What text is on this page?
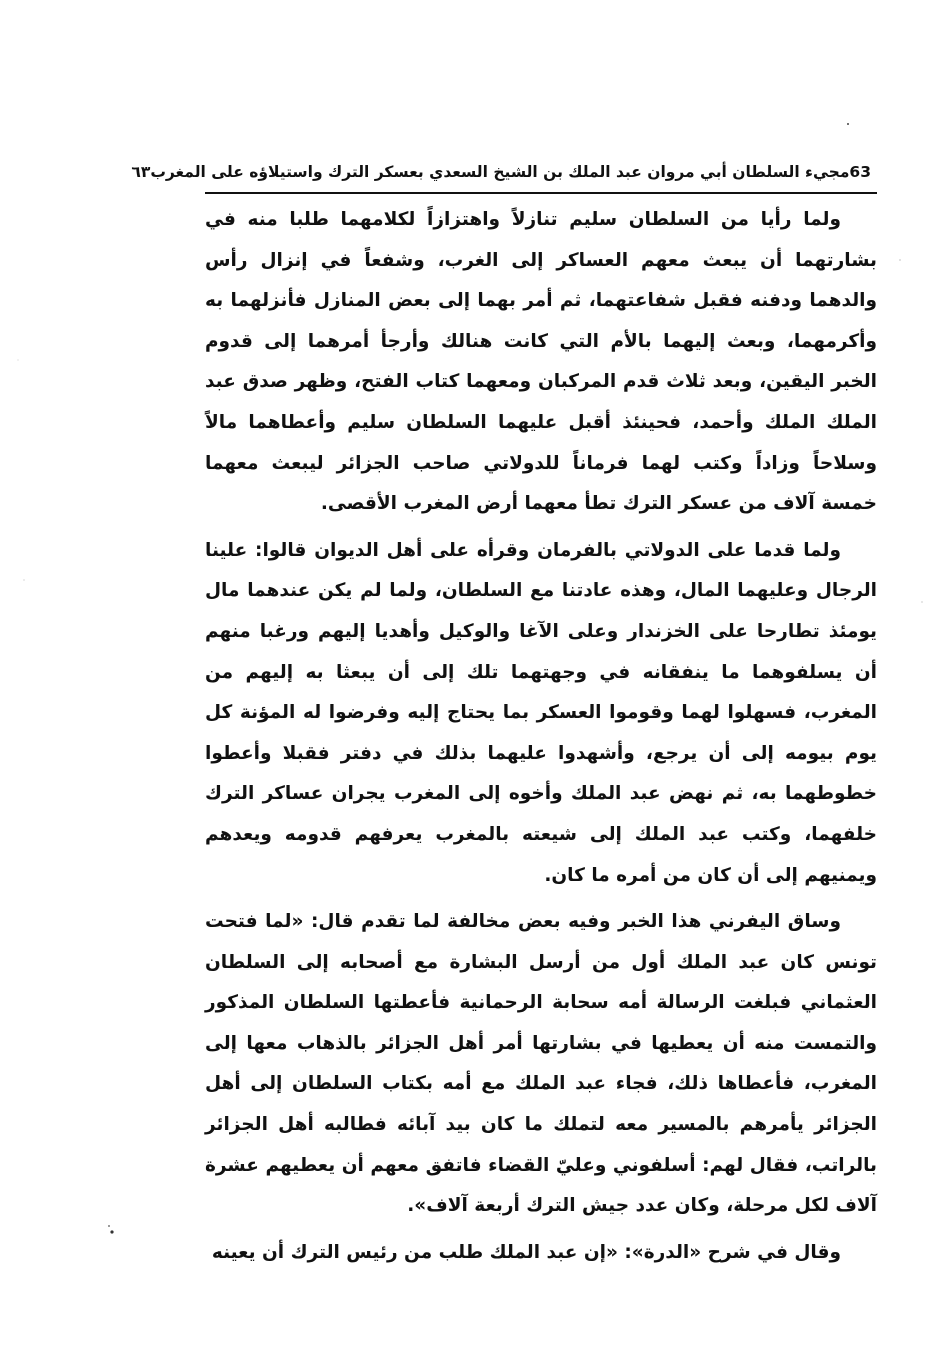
63
مجيء السلطان أبي مروان عبد الملك بن الشيخ السعدي بعسكر الترك واستيلاؤه على المغرب
٦٣

ولما رأيا من السلطان سليم تنازلاً واهتزازاً لكلامهما طلبا منه في بشارتهما أن يبعث معهم العساكر إلى الغرب، وشفعاً في إنزال رأس والدهما ودفنه فقبل شفاعتهما، ثم أمر بهما إلى بعض المنازل فأنزلهما به وأكرمهما، وبعث إليهما بالأم التي كانت هنالك وأرجأ أمرهما إلى قدوم الخبر اليقين، وبعد ثلاث قدم المركبان ومعهما كتاب الفتح، وظهر صدق عبد الملك الملك وأحمد، فحينئذ أقبل عليهما السلطان سليم وأعطاهما مالاً وسلاحاً وزاداً وكتب لهما فرماناً للدولاتي صاحب الجزائر ليبعث معهما خمسة آلاف من عسكر الترك تطأ معهما أرض المغرب الأقصى.

ولما قدما على الدولاتي بالفرمان وقرأه على أهل الديوان قالوا: علينا الرجال وعليهما المال، وهذه عادتنا مع السلطان، ولما لم يكن عندهما مال يومئذ تطارحا على الخزندار وعلى الآغا والوكيل وأهديا إليهم ورغبا منهم أن يسلفوهما ما ينفقانه في وجهتهما تلك إلى أن يبعثا به إليهم من المغرب، فسهلوا لهما وقوموا العسكر بما يحتاج إليه وفرضوا له المؤنة كل يوم بيومه إلى أن يرجع، وأشهدوا عليهما بذلك في دفتر فقبلا وأعطوا خطوطهما به، ثم نهض عبد الملك وأخوه إلى المغرب يجران عساكر الترك خلفهما، وكتب عبد الملك إلى شيعته بالمغرب يعرفهم قدومه ويعدهم ويمنيهم إلى أن كان من أمره ما كان.

وساق اليفرني هذا الخبر وفيه بعض مخالفة لما تقدم قال: «لما فتحت تونس كان عبد الملك أول من أرسل البشارة مع أصحابه إلى السلطان العثماني فبلغت الرسالة أمه سحابة الرحمانية فأعطتها السلطان المذكور والتمست منه أن يعطيها في بشارتها أمر أهل الجزائر بالذهاب معها إلى المغرب، فأعطاها ذلك، فجاء عبد الملك مع أمه بكتاب السلطان إلى أهل الجزائر يأمرهم بالمسير معه لتملك ما كان بيد آبائه فطالبه أهل الجزائر بالراتب، فقال لهم: أسلفوني وعليّ القضاء فاتفق معهم أن يعطيهم عشرة آلاف لكل مرحلة، وكان عدد جيش الترك أربعة آلاف».

وقال في شرح «الدرة»: «إن عبد الملك طلب من رئيس الترك أن يعينه
